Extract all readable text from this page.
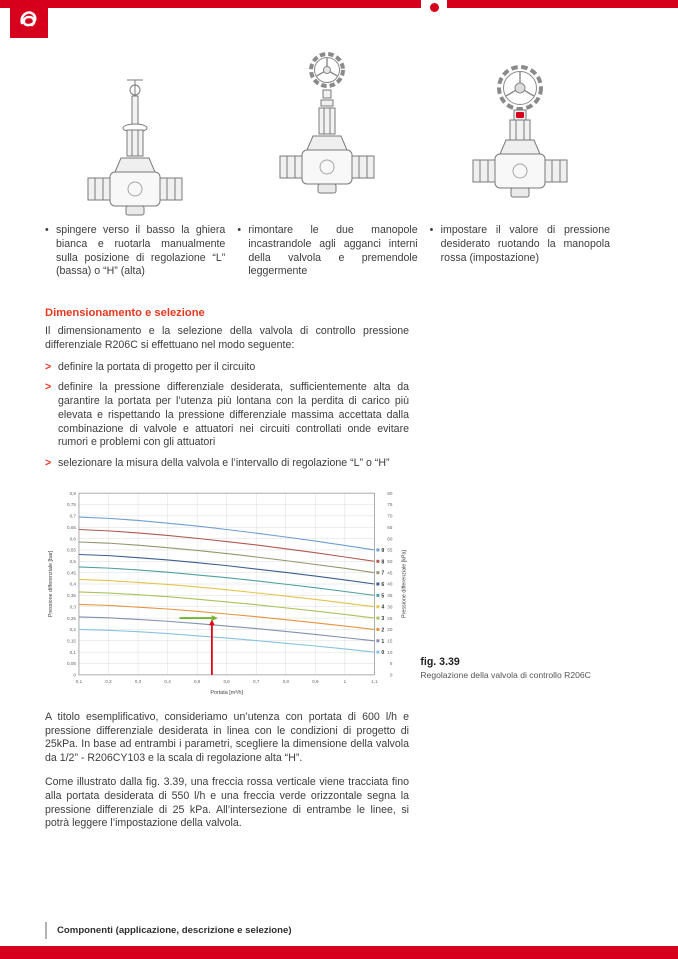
• spingere verso il basso la ghiera bianca e ruotarla manualmente sulla posizione di regolazione “L” (bassa) o “H” (alta)
• rimontare le due manopole incastrandole agli agganci interni della valvola e premendole leggermente
• impostare il valore di pressione desiderato ruotando la manopola rossa (impostazione)
Dimensionamento e selezione

Il dimensionamento e la selezione della valvola di controllo pressione differenziale R206C si effettuano nel modo seguente:

> definire la portata di progetto per il circuito
> definire la pressione differenziale desiderata, sufficientemente alta da garantire la portata per l’utenza più lontana con la perdita di carico più elevata e rispettando la pressione differenziale massima accettata dalla combinazione di valvole e attuatori nei circuiti controllati onde evitare rumori e problemi con gli attuatori
> selezionare la misura della valvola e l’intervallo di regolazione “L” o “H”
0,1	0,2	0,3	0,4	0,5	0,6	0,7	0,8	0,9	1	1,1
0	0
0,05	5
0,1	10
0,15	15
0,2	20
0,25	25
0,3	30
0,35	35
0,4	40
0,45	45
0,5	50
0,55	55
0,6	60
0,65	65
0,7	70
0,75	75
0,8	80
9
8
7
6
5
4
3
2
1
0
Pressione differenziale [bar]	Pressione differenziale [kPa]
Portata [m³/h]
fig. 3.39
Regolazione della valvola di controllo R206C

A titolo esemplificativo, consideriamo un’utenza con portata di 600 l/h e pressione differenziale desiderata in linea con le condizioni di progetto di 25kPa. In base ad entrambi i parametri, scegliere la dimensione della valvola da 1/2” - R206CY103 e la scala di regolazione alta “H”.

Come illustrato dalla fig. 3.39, una freccia rossa verticale viene tracciata fino alla portata desiderata di 550 l/h e una freccia verde orizzontale segna la pressione differenziale di 25 kPa. All’intersezione di entrambe le linee, si potrà leggere l’impostazione della valvola.

Componenti (applicazione, descrizione e selezione)
